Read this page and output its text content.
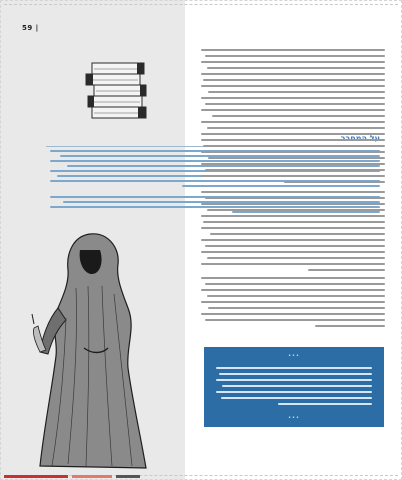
59 |
•••
•••
